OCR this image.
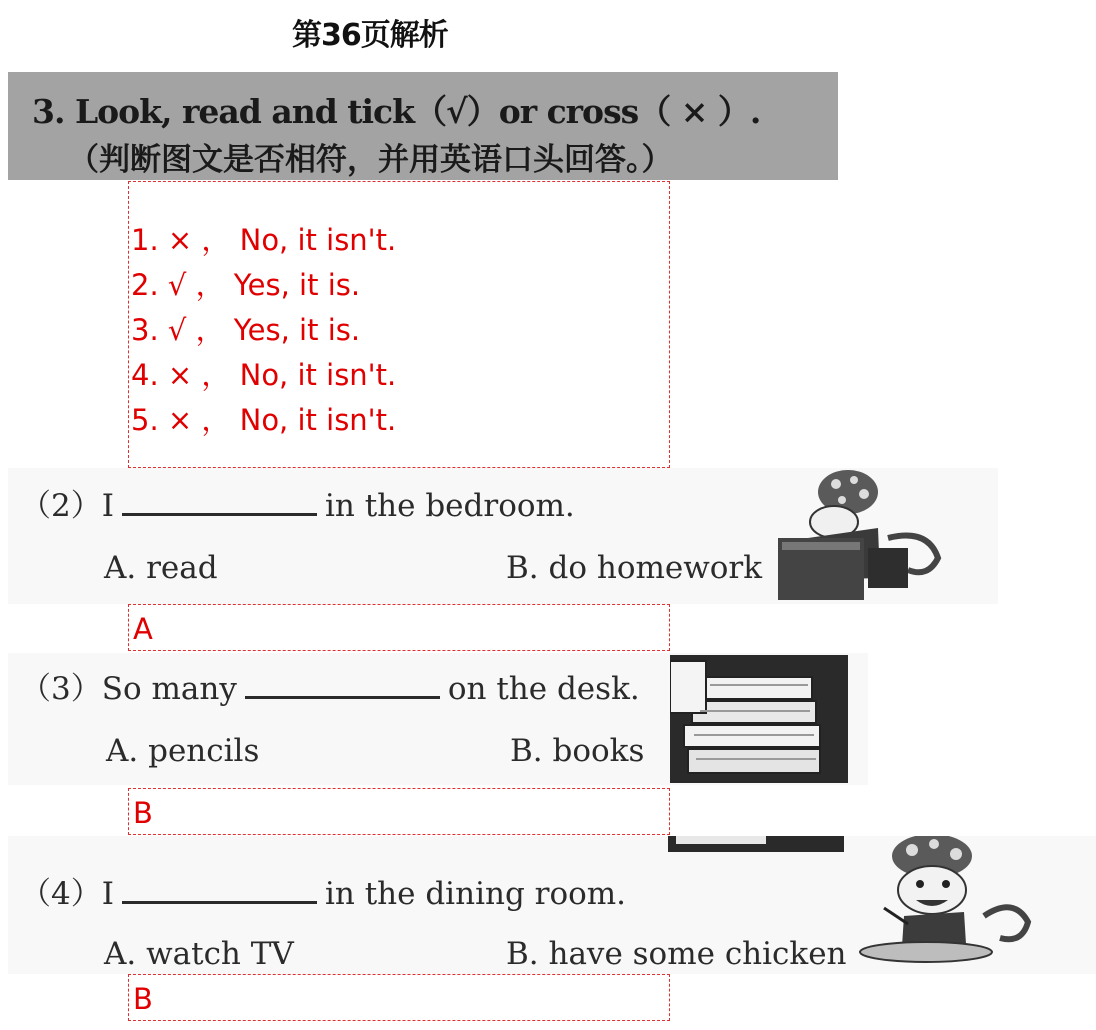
第36页解析
3. Look, read and tick（√）or cross（ × ）.
（判断图文是否相符，并用英语口头回答。）
1. × ， No, it isn't.
2. √ ， Yes, it is.
3. √ ， Yes, it is.
4. × ， No, it isn't.
5. × ， No, it isn't.
（2）I	in the bedroom.
A. read	B. do homework
A
（3）So many	on the desk.
A. pencils	B. books
B
（4）I	in the dining room.
A. watch TV	B. have some chicken
B
